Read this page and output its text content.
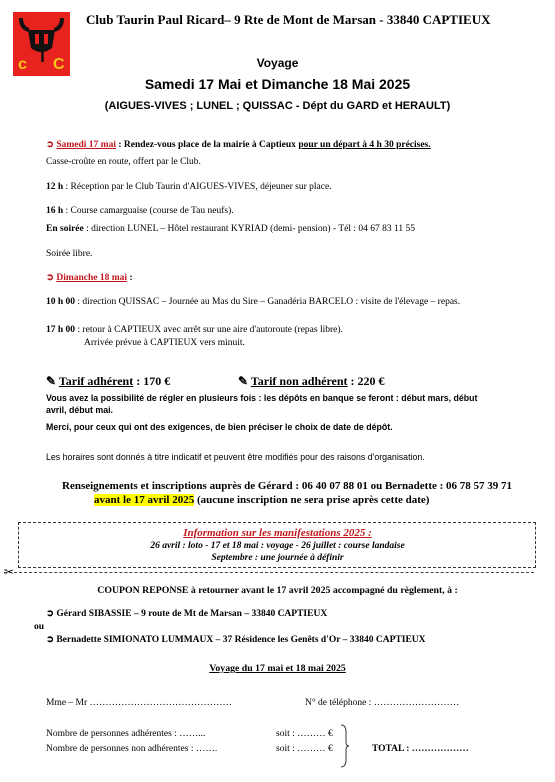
c T C
Club Taurin Paul Ricard– 9 Rte de Mont de Marsan - 33840 CAPTIEUX
Voyage
Samedi 17 Mai et Dimanche 18 Mai 2025
(AIGUES-VIVES ; LUNEL ; QUISSAC - Dépt du GARD et HERAULT)
➲ Samedi 17 mai : Rendez-vous place de la mairie à Captieux pour un départ à 4 h 30 précises.
Casse-croûte en route, offert par le Club.
12 h : Réception par le Club Taurin d'AIGUES-VIVES, déjeuner sur place.
16 h : Course camarguaise (course de Tau neufs).
En soirée : direction LUNEL – Hôtel restaurant KYRIAD (demi- pension) - Tél : 04 67 83 11 55
Soirée libre.
➲ Dimanche 18 mai :
10 h 00 : direction QUISSAC – Journée au Mas du Sire – Ganadéria BARCELO : visite de l'élevage – repas.
17 h 00 : retour à CAPTIEUX avec arrêt sur une aire d'autoroute (repas libre).
Arrivée prévue à CAPTIEUX vers minuit.
✎ Tarif adhérent : 170 €	✎ Tarif non adhérent : 220 €
Vous avez la possibilité de régler en plusieurs fois : les dépôts en banque se feront : début mars, début
avril, début mai.
Merci, pour ceux qui ont des exigences, de bien préciser le choix de date de dépôt.
Les horaires sont donnés à titre indicatif et peuvent être modifiés pour des raisons d'organisation.
Renseignements et inscriptions auprès de Gérard : 06 40 07 88 01 ou Bernadette : 06 78 57 39 71
avant le 17 avril 2025 (aucune inscription ne sera prise après cette date)
Information sur les manifestations 2025 :
26 avril : loto - 17 et 18 mai : voyage - 26 juillet : course landaise
Septembre : une journée à définir
✂
COUPON REPONSE à retourner avant le 17 avril 2025 accompagné du règlement, à :
➲ Gérard SIBASSIE – 9 route de Mt de Marsan – 33840 CAPTIEUX
ou
➲ Bernadette SIMIONATO LUMMAUX – 37 Résidence les Genêts d'Or – 33840 CAPTIEUX
Voyage du 17 mai et 18 mai 2025
Mme – Mr ………………………………………	N° de téléphone : ………………………
Nombre de personnes adhérentes : ……...	soit : ……… €
Nombre de personnes non adhérentes : …….	soit : ……… €	TOTAL : ………………
